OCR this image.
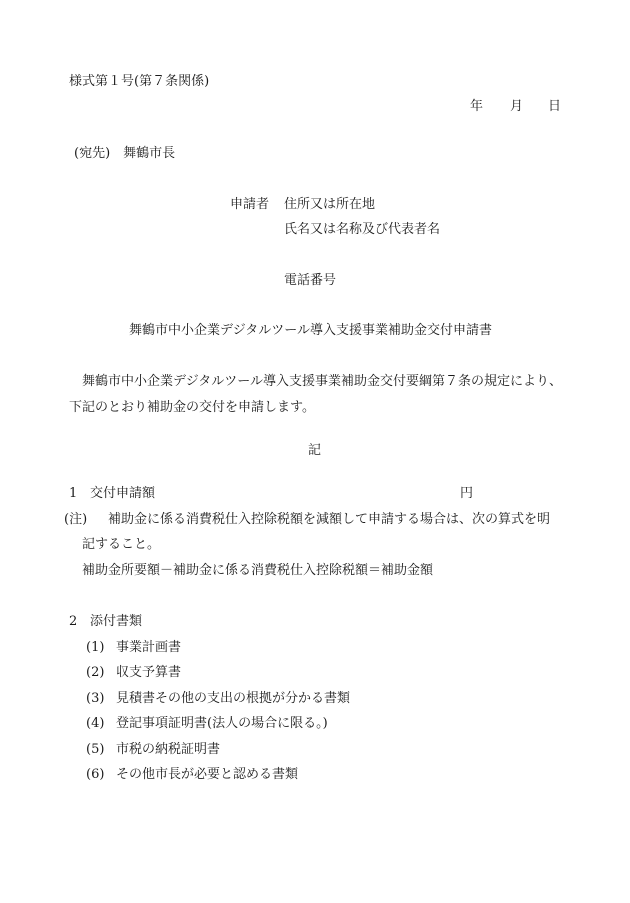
様式第１号(第７条関係)
年 月 日
(宛先)　舞鶴市長
申請者 住所又は所在地
氏名又は名称及び代表者名
電話番号
舞鶴市中小企業デジタルツール導入支援事業補助金交付申請書
舞鶴市中小企業デジタルツール導入支援事業補助金交付要綱第７条の規定により、
下記のとおり補助金の交付を申請します。
記
1 交付申請額	円
(注) 補助金に係る消費税仕入控除税額を減額して申請する場合は、次の算式を明
記すること。
補助金所要額－補助金に係る消費税仕入控除税額＝補助金額
2 添付書類
(1) 事業計画書
(2) 収支予算書
(3) 見積書その他の支出の根拠が分かる書類
(4) 登記事項証明書(法人の場合に限る。)
(5) 市税の納税証明書
(6) その他市長が必要と認める書類
